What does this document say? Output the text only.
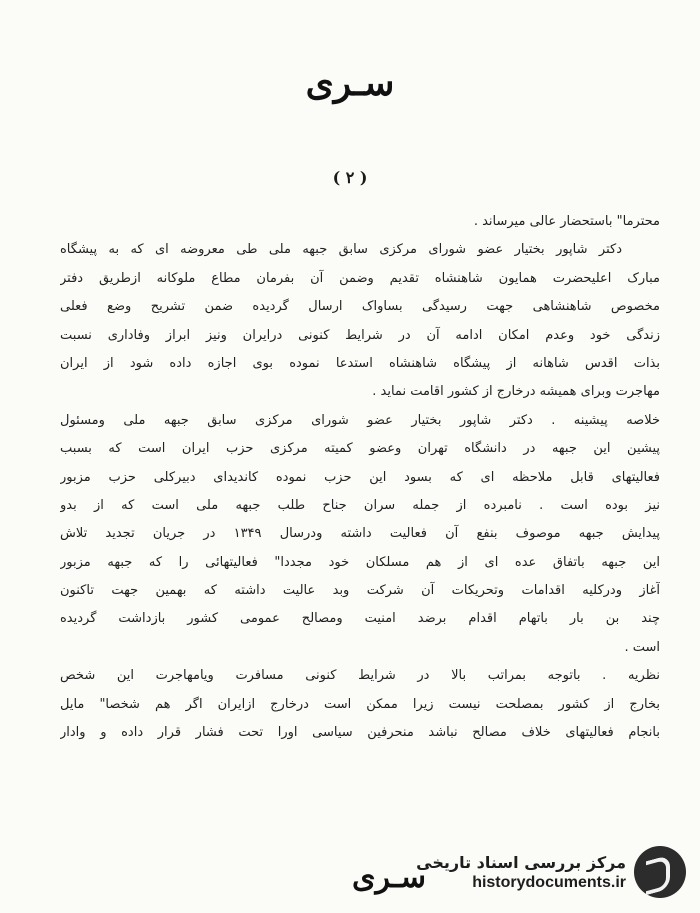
سـرى
( ۲ )
محترما" باستحضار عالی میرساند .
دکتر شاپور بختیار عضو شورای مرکزی سابق جبهه ملی طی معروضه ای که به پیشگاه
مبارک اعلیحضرت همایون شاهنشاه تقدیم وضمن آن بفرمان مطاع ملوکانه ازطریق دفتر
مخصوص شاهنشاهی جهت رسیدگی بساواک ارسال گردیده ضمن تشریح وضع فعلی
زندگی خود وعدم امکان ادامه آن در شرایط کنونی درایران ونیز ابراز وفاداری نسبت
بذات اقدس شاهانه از پیشگاه شاهنشاه استدعا نموده بوی اجازه داده شود از ایران
مهاجرت وبرای همیشه درخارج از کشور اقامت نماید .
خلاصه پیشینه . دکتر شاپور بختیار عضو شورای مرکزی سابق جبهه ملی ومسئول
پیشین این جبهه در دانشگاه تهران وعضو کمیته مرکزی حزب ایران است که بسبب
فعالیتهای قابل ملاحظه ای که بسود این حزب نموده کاندیدای دبیرکلی حزب مزبور
نیز بوده است . نامبرده از جمله سران جناح طلب جبهه ملی است که از بدو
پیدایش جبهه موصوف بنفع آن فعالیت داشته ودرسال ۱۳۴۹ در جریان تجدید تلاش
این جبهه باتفاق عده ای از هم مسلکان خود مجددا" فعالیتهائی را که جبهه مزبور
آغاز ودرکلیه اقدامات وتحریکات آن شرکت وبد عالیت داشته که بهمین جهت تاکنون
چند بن بار باتهام اقدام برضد امنیت ومصالح عمومی کشور بازداشت گردیده
است .
نظریه . باتوجه بمراتب بالا در شرایط کنونی مسافرت ویامهاجرت این شخص
بخارج از کشور بمصلحت نیست زیرا ممکن است درخارج ازایران اگر هم شخصا" مایل
بانجام فعالیتهای خلاف مصالح نباشد منحرفین سیاسی اورا تحت فشار قرار داده و وادار
سـرى
مرکز بررسی اسناد تاریخی
historydocuments.ir
